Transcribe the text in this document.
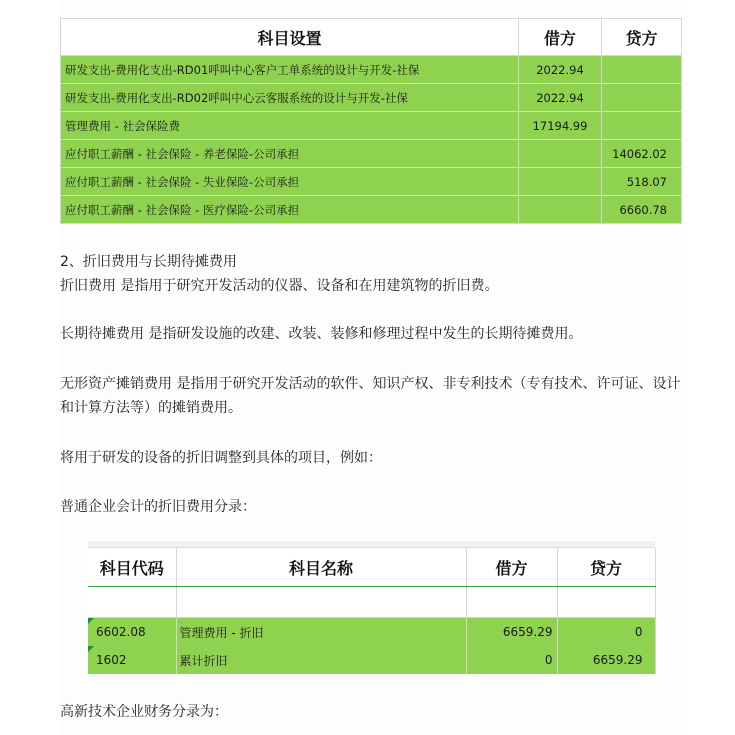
科目设置	借方	贷方
研发支出-费用化支出-RD01呼叫中心客户工单系统的设计与开发-社保	2022.94	
研发支出-费用化支出-RD02呼叫中心云客服系统的设计与开发-社保	2022.94	
管理费用 - 社会保险费	17194.99	
应付职工薪酬 - 社会保险 - 养老保险-公司承担		14062.02
应付职工薪酬 - 社会保险 - 失业保险-公司承担		518.07
应付职工薪酬 - 社会保险 - 医疗保险-公司承担		6660.78

2、折旧费用与长期待摊费用

折旧费用 是指用于研究开发活动的仪器、设备和在用建筑物的折旧费。

长期待摊费用 是指研发设施的改建、改装、装修和修理过程中发生的长期待摊费用。

无形资产摊销费用 是指用于研究开发活动的软件、知识产权、非专利技术（专有技术、许可证、设计和计算方法等）的摊销费用。

将用于研发的设备的折旧调整到具体的项目，例如：

普通企业会计的折旧费用分录：

科目代码	科目名称	借方	贷方

6602.08	管理费用 - 折旧	6659.29	0

1602	累计折旧	0	6659.29

高新技术企业财务分录为：
